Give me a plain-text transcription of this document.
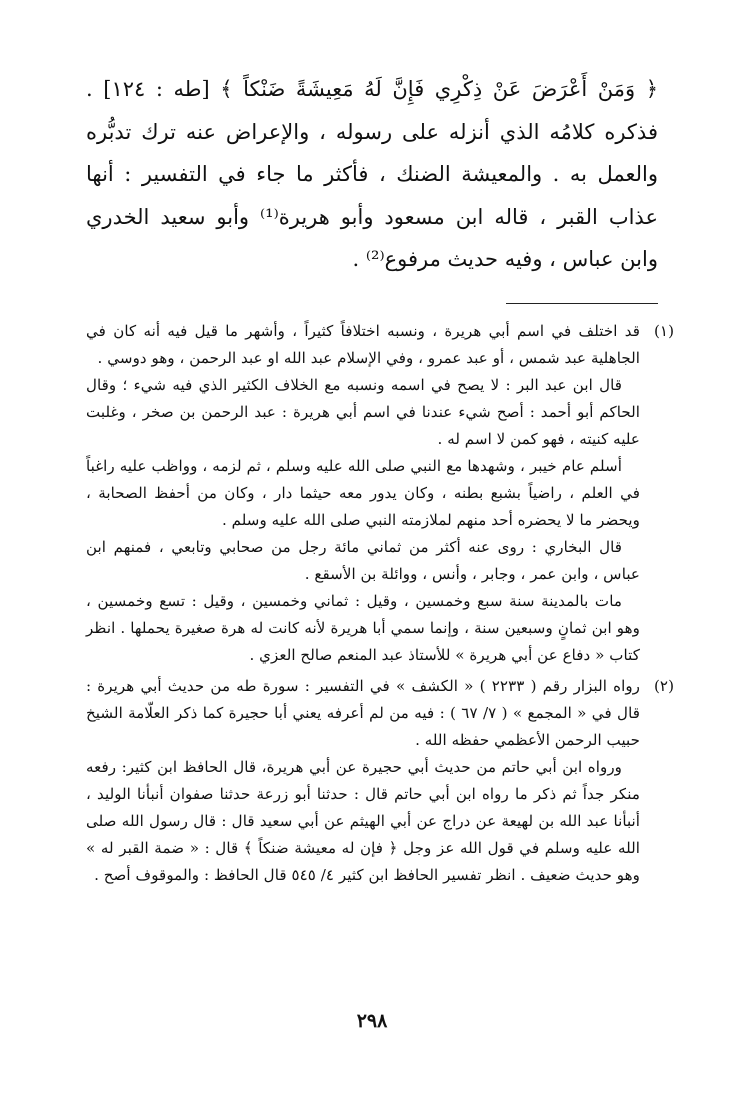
﴿ وَمَنْ أَعْرَضَ عَنْ ذِكْرِي فَإِنَّ لَهُ مَعِيشَةً ضَنْكاً ﴾ [طه : ١٢٤] . فذكره كلامُه الذي أنزله على رسوله ، والإعراض عنه ترك تدبُّره والعمل به . والمعيشة الضنك ، فأكثر ما جاء في التفسير : أنها عذاب القبر ، قاله ابن مسعود وأبو هريرة⁽¹⁾ وأبو سعيد الخدري وابن عباس ، وفيه حديث مرفوع⁽²⁾ .

(١)

قد اختلف في اسم أبي هريرة ، ونسبه اختلافاً كثيراً ، وأشهر ما قيل فيه أنه كان في الجاهلية عبد شمس ، أو عبد عمرو ، وفي الإسلام عبد الله او عبد الرحمن ، وهو دوسي .

قال ابن عبد البر : لا يصح في اسمه ونسبه مع الخلاف الكثير الذي فيه شيء ؛ وقال الحاكم أبو أحمد : أصح شيء عندنا في اسم أبي هريرة : عبد الرحمن بن صخر ، وغلبت عليه كنيته ، فهو كمن لا اسم له .

أسلم عام خيبر ، وشهدها مع النبي صلى الله عليه وسلم ، ثم لزمه ، وواظب عليه راغباً في العلم ، راضياً بشبع بطنه ، وكان يدور معه حيثما دار ، وكان من أحفظ الصحابة ، ويحضر ما لا يحضره أحد منهم لملازمته النبي صلى الله عليه وسلم .

قال البخاري : روى عنه أكثر من ثماني مائة رجل من صحابي وتابعي ، فمنهم ابن عباس ، وابن عمر ، وجابر ، وأنس ، ووائلة بن الأسقع .

مات بالمدينة سنة سبع وخمسين ، وقيل : ثماني وخمسين ، وقيل : تسع وخمسين ، وهو ابن ثمانٍ وسبعين سنة ، وإنما سمي أبا هريرة لأنه كانت له هرة صغيرة يحملها . انظر كتاب « دفاع عن أبي هريرة » للأستاذ عبد المنعم صالح العزي .

(٢)

رواه البزار رقم ( ٢٢٣٣ ) « الكشف » في التفسير : سورة طه من حديث أبي هريرة : قال في « المجمع » ( ٧/ ٦٧ ) : فيه من لم أعرفه يعني أبا حجيرة كما ذكر العلّامة الشيخ حبيب الرحمن الأعظمي حفظه الله .

ورواه ابن أبي حاتم من حديث أبي حجيرة عن أبي هريرة، قال الحافظ ابن كثير: رفعه منكر جداً ثم ذكر ما رواه ابن أبي حاتم قال : حدثنا أبو زرعة حدثنا صفوان أنبأنا الوليد ، أنبأنا عبد الله بن لهيعة عن دراج عن أبي الهيثم عن أبي سعيد قال : قال رسول الله صلى الله عليه وسلم في قول الله عز وجل ﴿ فإن له معيشة ضنكاً ﴾ قال : « ضمة القبر له » وهو حديث ضعيف . انظر تفسير الحافظ ابن كثير ٤/ ٥٤٥ قال الحافظ : والموقوف أصح .

٢٩٨
